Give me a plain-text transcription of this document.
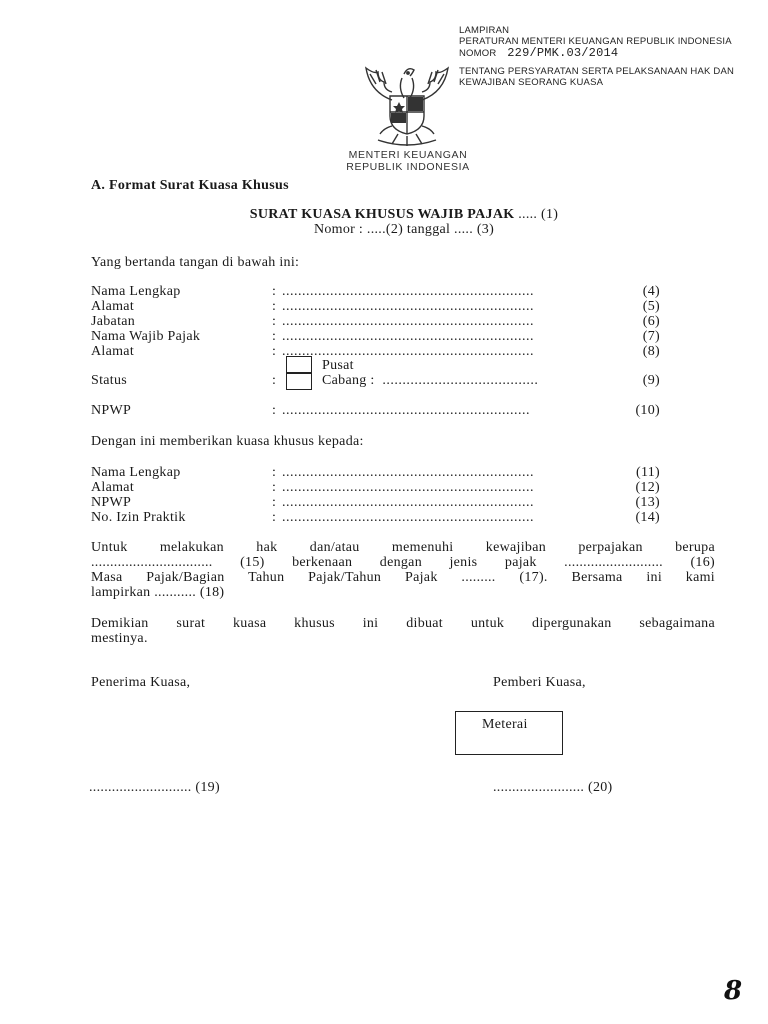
LAMPIRAN
PERATURAN MENTERI KEUANGAN REPUBLIK INDONESIA
NOMOR 229/PMK.03/2014
TENTANG PERSYARATAN SERTA PELAKSANAAN HAK DAN
KEWAJIBAN SEORANG KUASA
MENTERI KEUANGAN
REPUBLIK INDONESIA
A. Format Surat Kuasa Khusus
SURAT KUASA KHUSUS WAJIB PAJAK ..... (1)
Nomor : .....(2) tanggal ..... (3)
Yang bertanda tangan di bawah ini:
Nama Lengkap	: ...............................................................	(4)
Alamat	: ...............................................................	(5)
Jabatan	: ...............................................................	(6)
Nama Wajib Pajak	: ...............................................................	(7)
Alamat	: ...............................................................	(8)
Pusat
Status	:	Cabang : .......................................	(9)
NPWP	: ..............................................................	(10)
Dengan ini memberikan kuasa khusus kepada:
Nama Lengkap	: ...............................................................	(11)
Alamat	: ...............................................................	(12)
NPWP	: ...............................................................	(13)
No. Izin Praktik	: ...............................................................	(14)
Untuk melakukan hak dan/atau memenuhi kewajiban perpajakan berupa
................................ (15) berkenaan dengan jenis pajak .......................... (16)
Masa Pajak/Bagian Tahun Pajak/Tahun Pajak ......... (17). Bersama ini kami
lampirkan ........... (18)
Demikian surat kuasa khusus ini dibuat untuk dipergunakan sebagaimana
mestinya.
Penerima Kuasa,	Pemberi Kuasa,
Meterai
........................... (19)	........................ (20)
8
